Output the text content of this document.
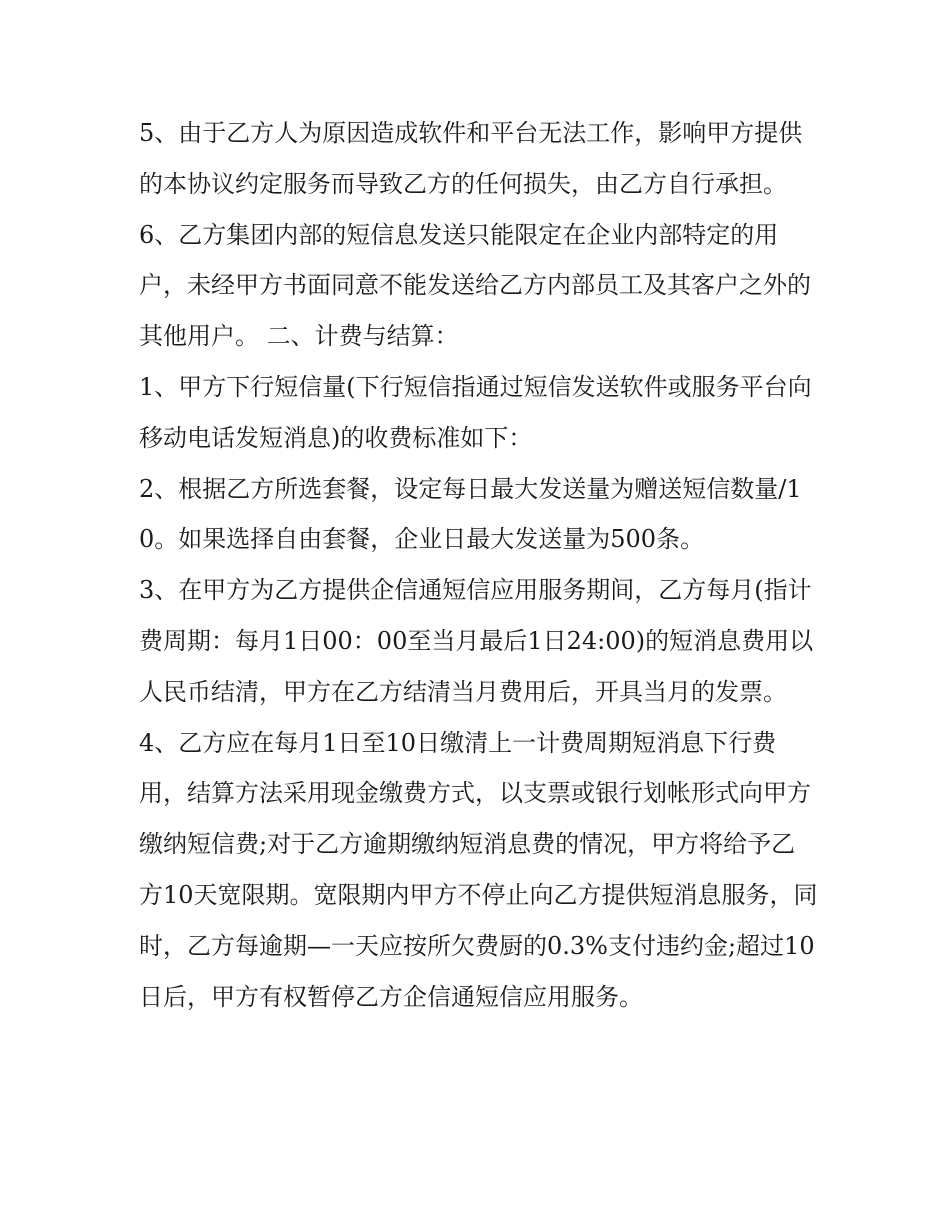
5、由于乙方人为原因造成软件和平台无法工作，影响甲方提供的本协议约定服务而导致乙方的任何损失，由乙方自行承担。

6、乙方集团内部的短信息发送只能限定在企业内部特定的用户，未经甲方书面同意不能发送给乙方内部员工及其客户之外的其他用户。 二、计费与结算：

1、甲方下行短信量(下行短信指通过短信发送软件或服务平台向移动电话发短消息)的收费标准如下：

2、根据乙方所选套餐，设定每日最大发送量为赠送短信数量/10。如果选择自由套餐，企业日最大发送量为500条。

3、在甲方为乙方提供企信通短信应用服务期间，乙方每月(指计费周期：每月1日00：00至当月最后1日24:00)的短消息费用以人民币结清，甲方在乙方结清当月费用后，开具当月的发票。

4、乙方应在每月1日至10日缴清上一计费周期短消息下行费用，结算方法采用现金缴费方式，以支票或银行划帐形式向甲方缴纳短信费;对于乙方逾期缴纳短消息费的情况，甲方将给予乙方10天宽限期。宽限期内甲方不停止向乙方提供短消息服务，同时，乙方每逾期—一天应按所欠费厨的0.3%支付违约金;超过10日后，甲方有权暂停乙方企信通短信应用服务。
